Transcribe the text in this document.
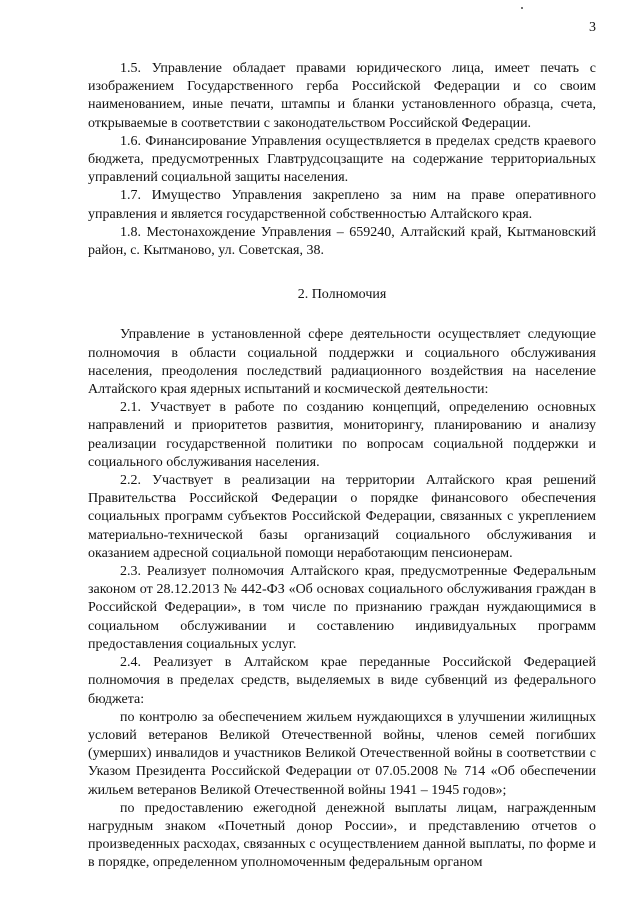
3

1.5. Управление обладает правами юридического лица, имеет печать с изображением Государственного герба Российской Федерации и со своим наименованием, иные печати, штампы и бланки установленного образца, счета, открываемые в соответствии с законодательством Российской Федерации.

1.6. Финансирование Управления осуществляется в пределах средств краевого бюджета, предусмотренных Главтрудсоцзащите на содержание территориальных управлений социальной защиты населения.

1.7. Имущество Управления закреплено за ним на праве оперативного управления и является государственной собственностью Алтайского края.

1.8. Местонахождение Управления – 659240, Алтайский край, Кытмановский район, с. Кытманово, ул. Советская, 38.

2. Полномочия

Управление в установленной сфере деятельности осуществляет следующие полномочия в области социальной поддержки и социального обслуживания населения, преодоления последствий радиационного воздействия на население Алтайского края ядерных испытаний и космической деятельности:

2.1. Участвует в работе по созданию концепций, определению основных направлений и приоритетов развития, мониторингу, планированию и анализу реализации государственной политики по вопросам социальной поддержки и социального обслуживания населения.

2.2. Участвует в реализации на территории Алтайского края решений Правительства Российской Федерации о порядке финансового обеспечения социальных программ субъектов Российской Федерации, связанных с укреплением материально-технической базы организаций социального обслуживания и оказанием адресной социальной помощи неработающим пенсионерам.

2.3. Реализует полномочия Алтайского края, предусмотренные Федеральным законом от 28.12.2013 № 442-ФЗ «Об основах социального обслуживания граждан в Российской Федерации», в том числе по признанию граждан нуждающимися в социальном обслуживании и составлению индивидуальных программ предоставления социальных услуг.

2.4. Реализует в Алтайском крае переданные Российской Федерацией полномочия в пределах средств, выделяемых в виде субвенций из федерального бюджета:

по контролю за обеспечением жильем нуждающихся в улучшении жилищных условий ветеранов Великой Отечественной войны, членов семей погибших (умерших) инвалидов и участников Великой Отечественной войны в соответствии с Указом Президента Российской Федерации от 07.05.2008 № 714 «Об обеспечении жильем ветеранов Великой Отечественной войны 1941 – 1945 годов»;

по предоставлению ежегодной денежной выплаты лицам, награжденным нагрудным знаком «Почетный донор России», и представлению отчетов о произведенных расходах, связанных с осуществлением данной выплаты, по форме и в порядке, определенном уполномоченным федеральным органом
